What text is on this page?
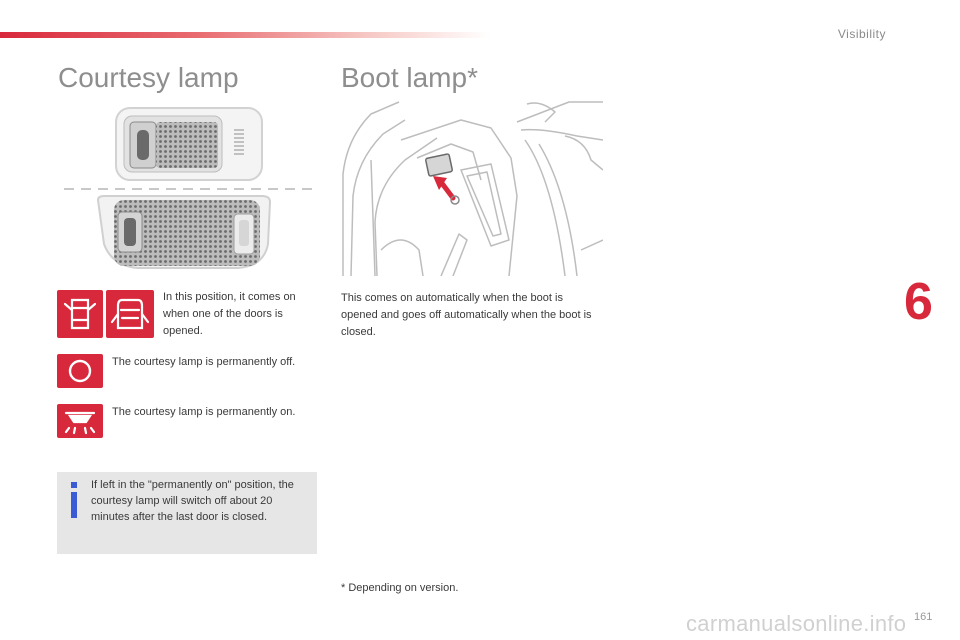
Visibility
Courtesy lamp
In this position, it comes on when one of the doors is opened.
The courtesy lamp is permanently off.
The courtesy lamp is permanently on.
If left in the "permanently on" position, the courtesy lamp will switch off about 20 minutes after the last door is closed.
Boot lamp*
This comes on automatically when the boot is opened and goes off automatically when the boot is closed.
6
* Depending on version.
carmanualsonline.info 161
